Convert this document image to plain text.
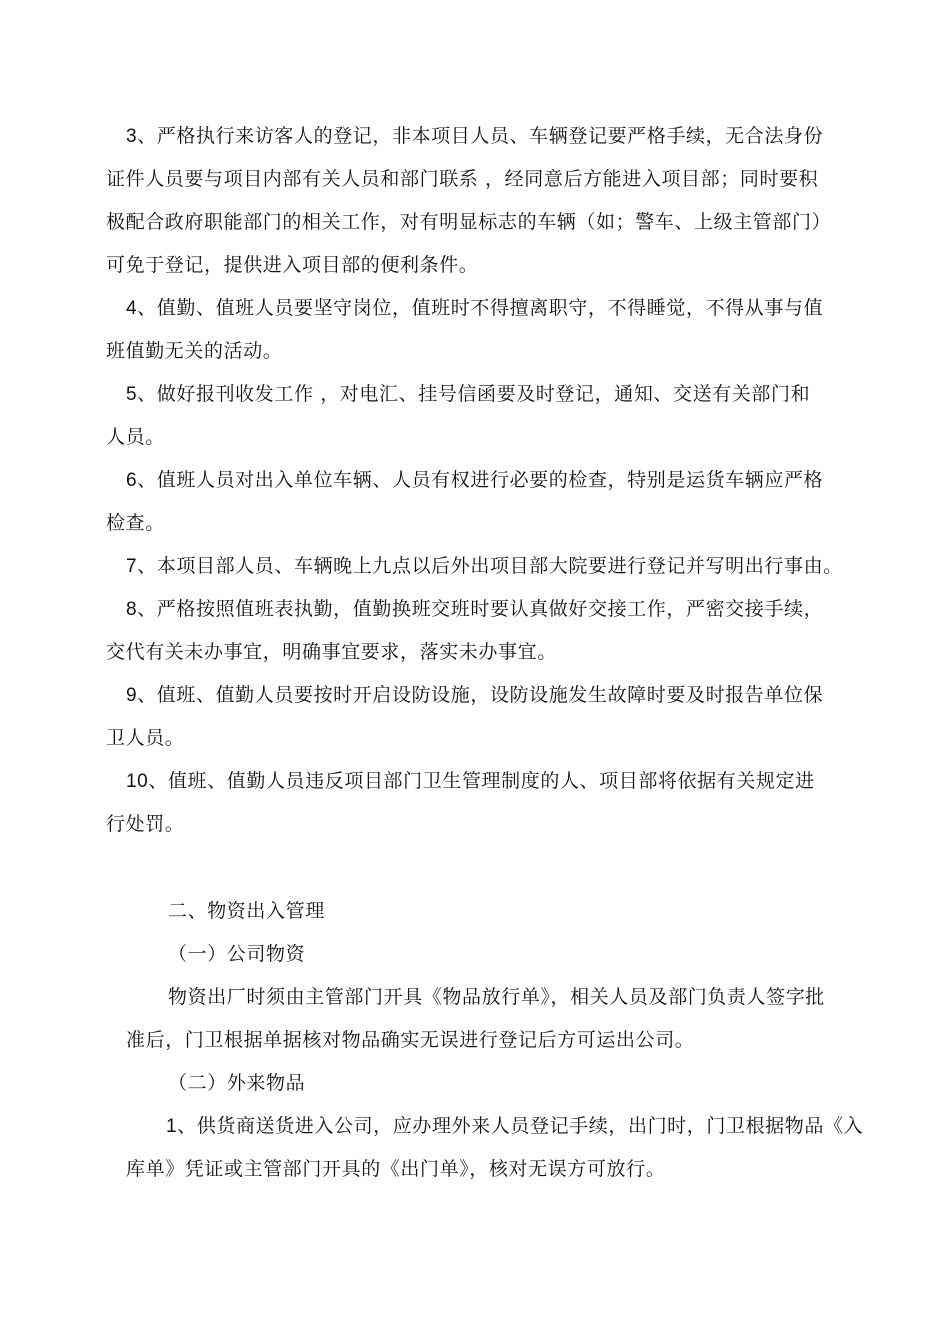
3、严格执行来访客人的登记，非本项目人员、车辆登记要严格手续，无合法身份
证件人员要与项目内部有关人员和部门联系 ，经同意后方能进入项目部；同时要积
极配合政府职能部门的相关工作，对有明显标志的车辆（如；警车、上级主管部门）
可免于登记，提供进入项目部的便利条件。

4、值勤、值班人员要坚守岗位，值班时不得擅离职守，不得睡觉，不得从事与值
班值勤无关的活动。

5、做好报刊收发工作 ，对电汇、挂号信函要及时登记，通知、交送有关部门和
人员。

6、值班人员对出入单位车辆、人员有权进行必要的检查，特别是运货车辆应严格
检查。

7、本项目部人员、车辆晚上九点以后外出项目部大院要进行登记并写明出行事由。

8、严格按照值班表执勤，值勤换班交班时要认真做好交接工作，严密交接手续，
交代有关未办事宜，明确事宜要求，落实未办事宜。

9、值班、值勤人员要按时开启设防设施，设防设施发生故障时要及时报告单位保
卫人员。

10、值班、值勤人员违反项目部门卫生管理制度的人、项目部将依据有关规定进
行处罚。

二、物资出入管理

（一）公司物资

物资出厂时须由主管部门开具《物品放行单》，相关人员及部门负责人签字批
准后，门卫根据单据核对物品确实无误进行登记后方可运出公司。

（二）外来物品

1、供货商送货进入公司，应办理外来人员登记手续，出门时，门卫根据物品《入
库单》凭证或主管部门开具的《出门单》，核对无误方可放行。
